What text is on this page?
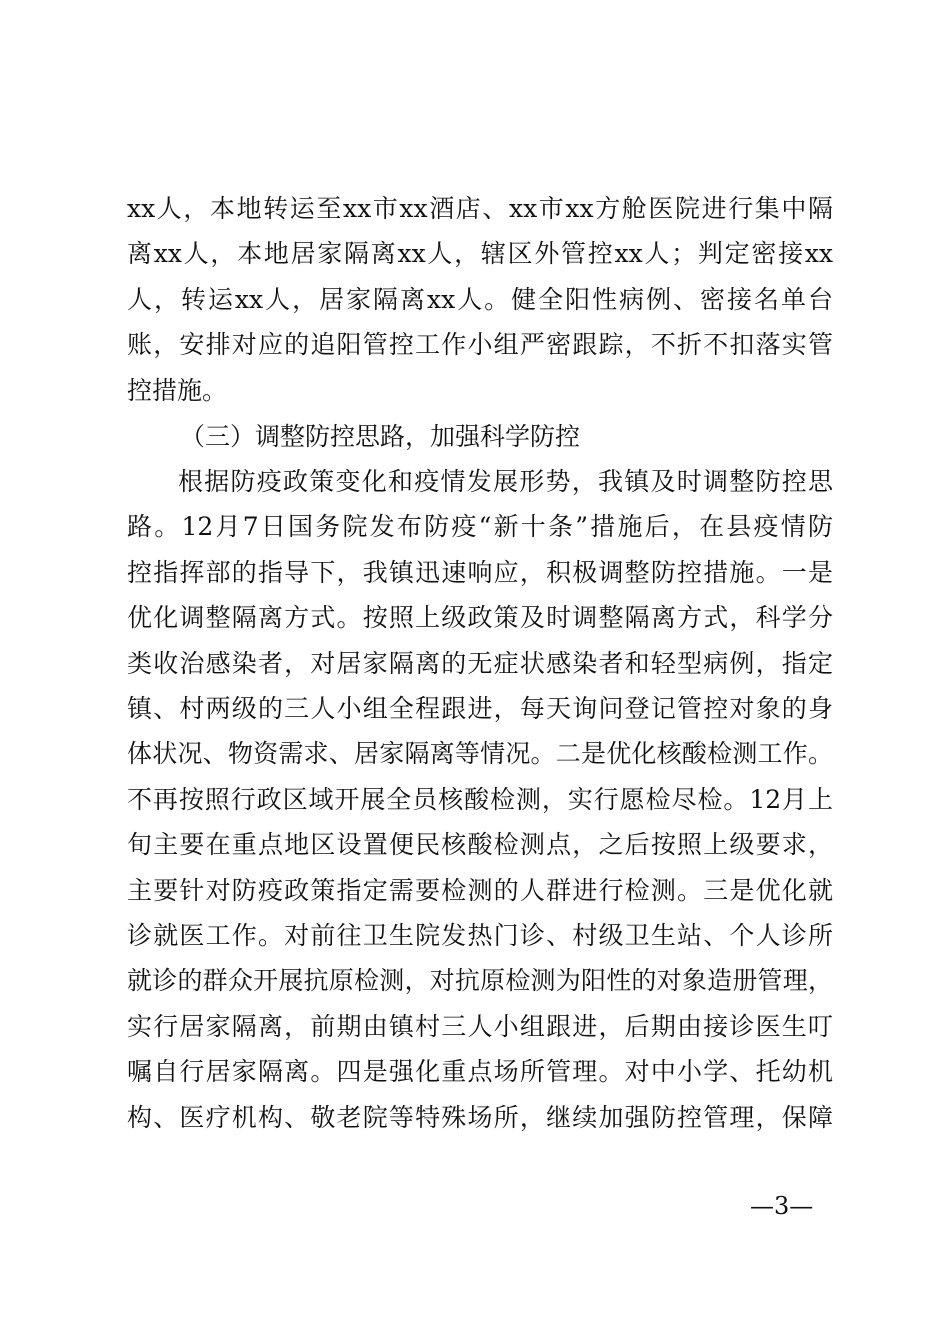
xx人，本地转运至xx市xx酒店、xx市xx方舱医院进行集中隔
离xx人，本地居家隔离xx人，辖区外管控xx人；判定密接xx
人，转运xx人，居家隔离xx人。健全阳性病例、密接名单台
账，安排对应的追阳管控工作小组严密跟踪，不折不扣落实管
控措施。
（三）调整防控思路，加强科学防控
根据防疫政策变化和疫情发展形势，我镇及时调整防控思
路。12月7日国务院发布防疫“新十条”措施后，在县疫情防
控指挥部的指导下，我镇迅速响应，积极调整防控措施。一是
优化调整隔离方式。按照上级政策及时调整隔离方式，科学分
类收治感染者，对居家隔离的无症状感染者和轻型病例，指定
镇、村两级的三人小组全程跟进，每天询问登记管控对象的身
体状况、物资需求、居家隔离等情况。二是优化核酸检测工作。
不再按照行政区域开展全员核酸检测，实行愿检尽检。12月上
旬主要在重点地区设置便民核酸检测点，之后按照上级要求，
主要针对防疫政策指定需要检测的人群进行检测。三是优化就
诊就医工作。对前往卫生院发热门诊、村级卫生站、个人诊所
就诊的群众开展抗原检测，对抗原检测为阳性的对象造册管理，
实行居家隔离，前期由镇村三人小组跟进，后期由接诊医生叮
嘱自行居家隔离。四是强化重点场所管理。对中小学、托幼机
构、医疗机构、敬老院等特殊场所，继续加强防控管理，保障
—3—
